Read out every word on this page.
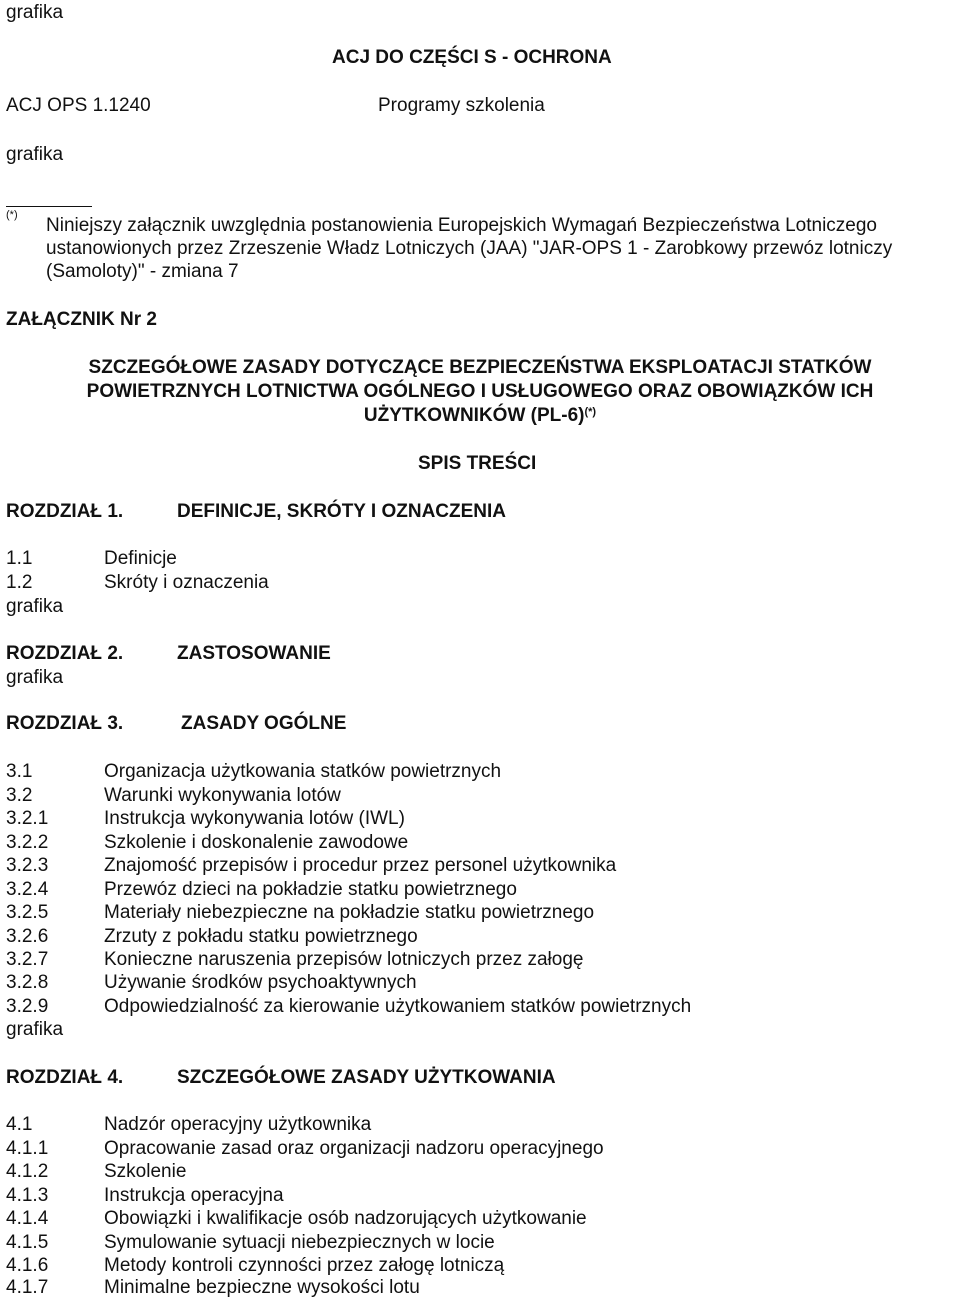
grafika
ACJ DO CZĘŚCI S - OCHRONA
ACJ OPS 1.1240	Programy szkolenia
grafika
(*) Niniejszy załącznik uwzględnia postanowienia Europejskich Wymagań Bezpieczeństwa Lotniczego ustanowionych przez Zrzeszenie Władz Lotniczych (JAA) "JAR-OPS 1 - Zarobkowy przewóz lotniczy (Samoloty)" - zmiana 7
ZAŁĄCZNIK Nr 2
SZCZEGÓŁOWE ZASADY DOTYCZĄCE BEZPIECZEŃSTWA EKSPLOATACJI STATKÓW
POWIETRZNYCH LOTNICTWA OGÓLNEGO I USŁUGOWEGO ORAZ OBOWIĄZKÓW ICH
UŻYTKOWNIKÓW (PL-6)(*)
SPIS TREŚCI
ROZDZIAŁ 1.	DEFINICJE, SKRÓTY I OZNACZENIA
1.1	Definicje
1.2	Skróty i oznaczenia
grafika
ROZDZIAŁ 2.	ZASTOSOWANIE
grafika
ROZDZIAŁ 3.	ZASADY OGÓLNE
3.1	Organizacja użytkowania statków powietrznych
3.2	Warunki wykonywania lotów
3.2.1	Instrukcja wykonywania lotów (IWL)
3.2.2	Szkolenie i doskonalenie zawodowe
3.2.3	Znajomość przepisów i procedur przez personel użytkownika
3.2.4	Przewóz dzieci na pokładzie statku powietrznego
3.2.5	Materiały niebezpieczne na pokładzie statku powietrznego
3.2.6	Zrzuty z pokładu statku powietrznego
3.2.7	Konieczne naruszenia przepisów lotniczych przez załogę
3.2.8	Używanie środków psychoaktywnych
3.2.9	Odpowiedzialność za kierowanie użytkowaniem statków powietrznych
grafika
ROZDZIAŁ 4.	SZCZEGÓŁOWE ZASADY UŻYTKOWANIA
4.1	Nadzór operacyjny użytkownika
4.1.1	Opracowanie zasad oraz organizacji nadzoru operacyjnego
4.1.2	Szkolenie
4.1.3	Instrukcja operacyjna
4.1.4	Obowiązki i kwalifikacje osób nadzorujących użytkowanie
4.1.5	Symulowanie sytuacji niebezpiecznych w locie
4.1.6	Metody kontroli czynności przez załogę lotniczą
4.1.7	Minimalne bezpieczne wysokości lotu
